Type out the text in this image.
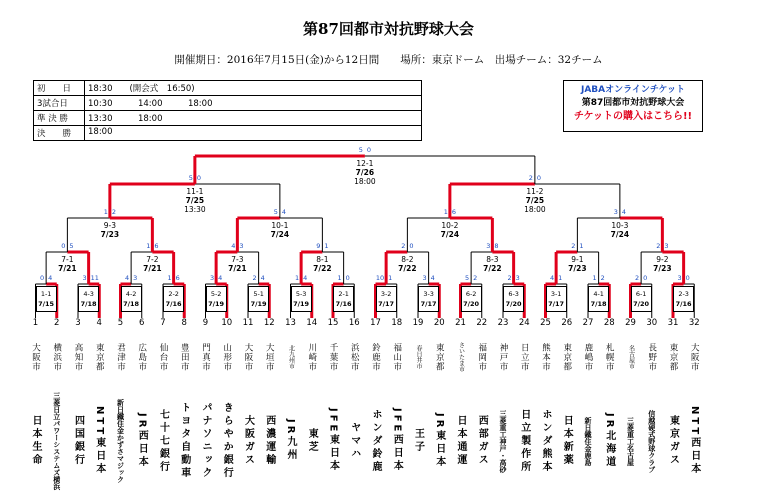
第87回都市対抗野球大会
開催期日：2016年7月15日(金)から12日間　　場所：東京ドーム　出場チーム：32チーム
初　　日	18:30　　(開会式　16:50)
3試合日	10:30　　　14:00　　　18:00
準 決 勝	13:30　　　18:00
決　　勝	18:00
JABAオンラインチケット
第87回都市対抗野球大会
チケットの購入はこちら!!
1
大阪市
日本生命
2
横浜市
三菱日立パワーシステムズ横浜
3
高知市
四国銀行
4
東京都
NTT東日本
5
君津市
新日鐵住金かずさマジック
6
広島市
JR西日本
7
仙台市
七十七銀行
8
豊田市
トヨタ自動車
9
門真市
パナソニック
10
山形市
きらやか銀行
11
大阪市
大阪ガス
12
大垣市
西濃運輸
13
北九州市
JR九州
14
川崎市
東芝
15
千葉市
JFE東日本
16
浜松市
ヤマハ
17
鈴鹿市
ホンダ鈴鹿
18
福山市
JFE西日本
19
春日井市
王子
20
東京都
JR東日本
21
さいたま市
日本通運
22
福岡市
西部ガス
23
神戸市
三菱重工神戸・高砂
24
日立市
日立製作所
25
熊本市
ホンダ熊本
26
東京都
日本新薬
27
鹿嶋市
新日鐵住金鹿島
28
札幌市
JR北海道
29
名古屋市
三菱重工名古屋
30
長野市
信越硬式野球クラブ
31
東京都
東京ガス
32
大阪市
NTT西日本
0 4
1-1
7/15
3 11
4-3
7/18
4 3
4-2
7/18
1 6
2-2
7/16
3 4
5-2
7/19
2 4
5-1
7/19
1 4
5-3
7/19
1 0
2-1
7/16
10 1
3-2
7/17
3 4
3-3
7/17
5 2
6-2
7/20
2 3
6-3
7/20
4 1
3-1
7/17
1 2
4-1
7/18
2 0
6-1
7/20
3 0
2-3
7/16
0 5
7-1
7/21
1 6
7-2
7/21
4 3
7-3
7/21
9 1
8-1
7/22
2 0
8-2
7/22
3 8
8-3
7/22
2 1
9-1
7/23
2 3
9-2
7/23
1 2
9-3
7/23
5 4
10-1
7/24
1 6
10-2
7/24
3 4
10-3
7/24
5 0
11-1
7/25
13:30
2 0
11-2
7/25
18:00
5 0
12-1
7/26
18:00
